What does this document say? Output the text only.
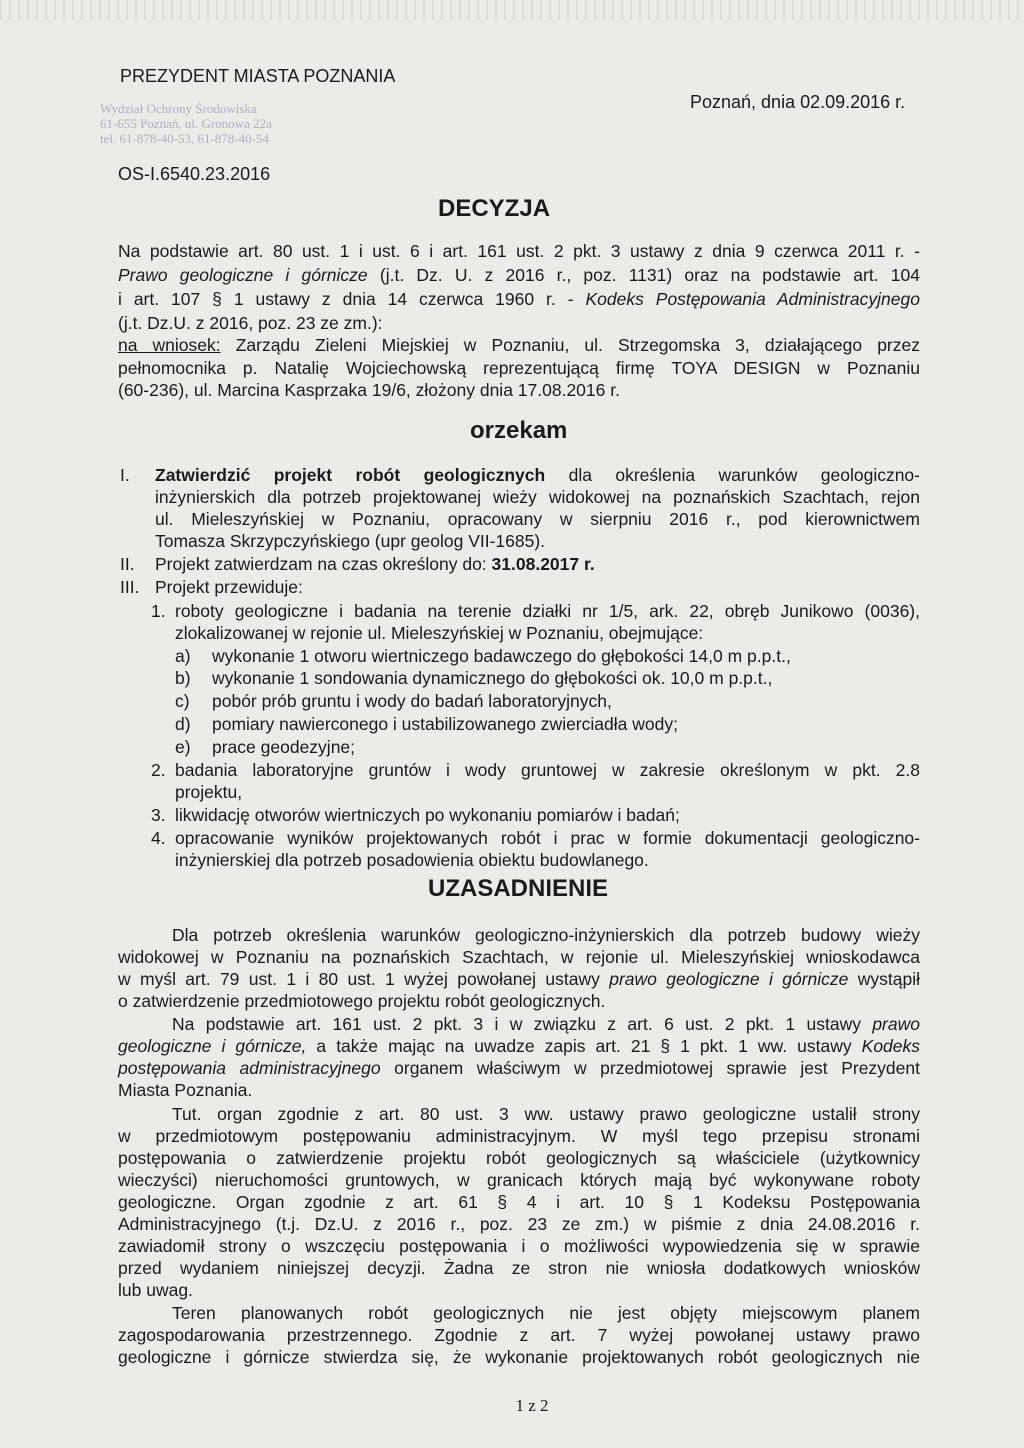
Wydział Ochrony Środowiska
61-655 Poznań, ul. Gronowa 22a
tel. 61-878-40-53, 61-878-40-54
PREZYDENT MIASTA POZNANIA
Poznań, dnia 02.09.2016 r.
OS-I.6540.23.2016
DECYZJA
Na podstawie art. 80 ust. 1 i ust. 6 i art. 161 ust. 2 pkt. 3 ustawy z dnia 9 czerwca 2011 r. -
Prawo geologiczne i górnicze (j.t. Dz. U. z 2016 r., poz. 1131) oraz na podstawie art. 104
i art. 107 § 1 ustawy z dnia 14 czerwca 1960 r. - Kodeks Postępowania Administracyjnego
(j.t. Dz.U. z 2016, poz. 23 ze zm.):
na wniosek: Zarządu Zieleni Miejskiej w Poznaniu, ul. Strzegomska 3, działającego przez
pełnomocnika p. Natalię Wojciechowską reprezentującą firmę TOYA DESIGN w Poznaniu
(60-236), ul. Marcina Kasprzaka 19/6, złożony dnia 17.08.2016 r.
orzekam
I. Zatwierdzić projekt robót geologicznych dla określenia warunków geologiczno-
inżynierskich dla potrzeb projektowanej wieży widokowej na poznańskich Szachtach, rejon
ul. Mieleszyńskiej w Poznaniu, opracowany w sierpniu 2016 r., pod kierownictwem
Tomasza Skrzypczyńskiego (upr geolog VII-1685).
II. Projekt zatwierdzam na czas określony do: 31.08.2017 r.
III. Projekt przewiduje:
1. roboty geologiczne i badania na terenie działki nr 1/5, ark. 22, obręb Junikowo (0036),
zlokalizowanej w rejonie ul. Mieleszyńskiej w Poznaniu, obejmujące:
a) wykonanie 1 otworu wiertniczego badawczego do głębokości 14,0 m p.p.t.,
b) wykonanie 1 sondowania dynamicznego do głębokości ok. 10,0 m p.p.t.,
c) pobór prób gruntu i wody do badań laboratoryjnych,
d) pomiary nawierconego i ustabilizowanego zwierciadła wody;
e) prace geodezyjne;
2. badania laboratoryjne gruntów i wody gruntowej w zakresie określonym w pkt. 2.8
projektu,
3. likwidację otworów wiertniczych po wykonaniu pomiarów i badań;
4. opracowanie wyników projektowanych robót i prac w formie dokumentacji geologiczno-
inżynierskiej dla potrzeb posadowienia obiektu budowlanego.
UZASADNIENIE
Dla potrzeb określenia warunków geologiczno-inżynierskich dla potrzeb budowy wieży
widokowej w Poznaniu na poznańskich Szachtach, w rejonie ul. Mieleszyńskiej wnioskodawca
w myśl art. 79 ust. 1 i 80 ust. 1 wyżej powołanej ustawy prawo geologiczne i górnicze wystąpił
o zatwierdzenie przedmiotowego projektu robót geologicznych.
Na podstawie art. 161 ust. 2 pkt. 3 i w związku z art. 6 ust. 2 pkt. 1 ustawy prawo
geologiczne i górnicze, a także mając na uwadze zapis art. 21 § 1 pkt. 1 ww. ustawy Kodeks
postępowania administracyjnego organem właściwym w przedmiotowej sprawie jest Prezydent
Miasta Poznania.
Tut. organ zgodnie z art. 80 ust. 3 ww. ustawy prawo geologiczne ustalił strony
w przedmiotowym postępowaniu administracyjnym. W myśl tego przepisu stronami
postępowania o zatwierdzenie projektu robót geologicznych są właściciele (użytkownicy
wieczyści) nieruchomości gruntowych, w granicach których mają być wykonywane roboty
geologiczne. Organ zgodnie z art. 61 § 4 i art. 10 § 1 Kodeksu Postępowania
Administracyjnego (t.j. Dz.U. z 2016 r., poz. 23 ze zm.) w piśmie z dnia 24.08.2016 r.
zawiadomił strony o wszczęciu postępowania i o możliwości wypowiedzenia się w sprawie
przed wydaniem niniejszej decyzji. Żadna ze stron nie wniosła dodatkowych wniosków
lub uwag.
Teren planowanych robót geologicznych nie jest objęty miejscowym planem
zagospodarowania przestrzennego. Zgodnie z art. 7 wyżej powołanej ustawy prawo
geologiczne i górnicze stwierdza się, że wykonanie projektowanych robót geologicznych nie
1 z 2
